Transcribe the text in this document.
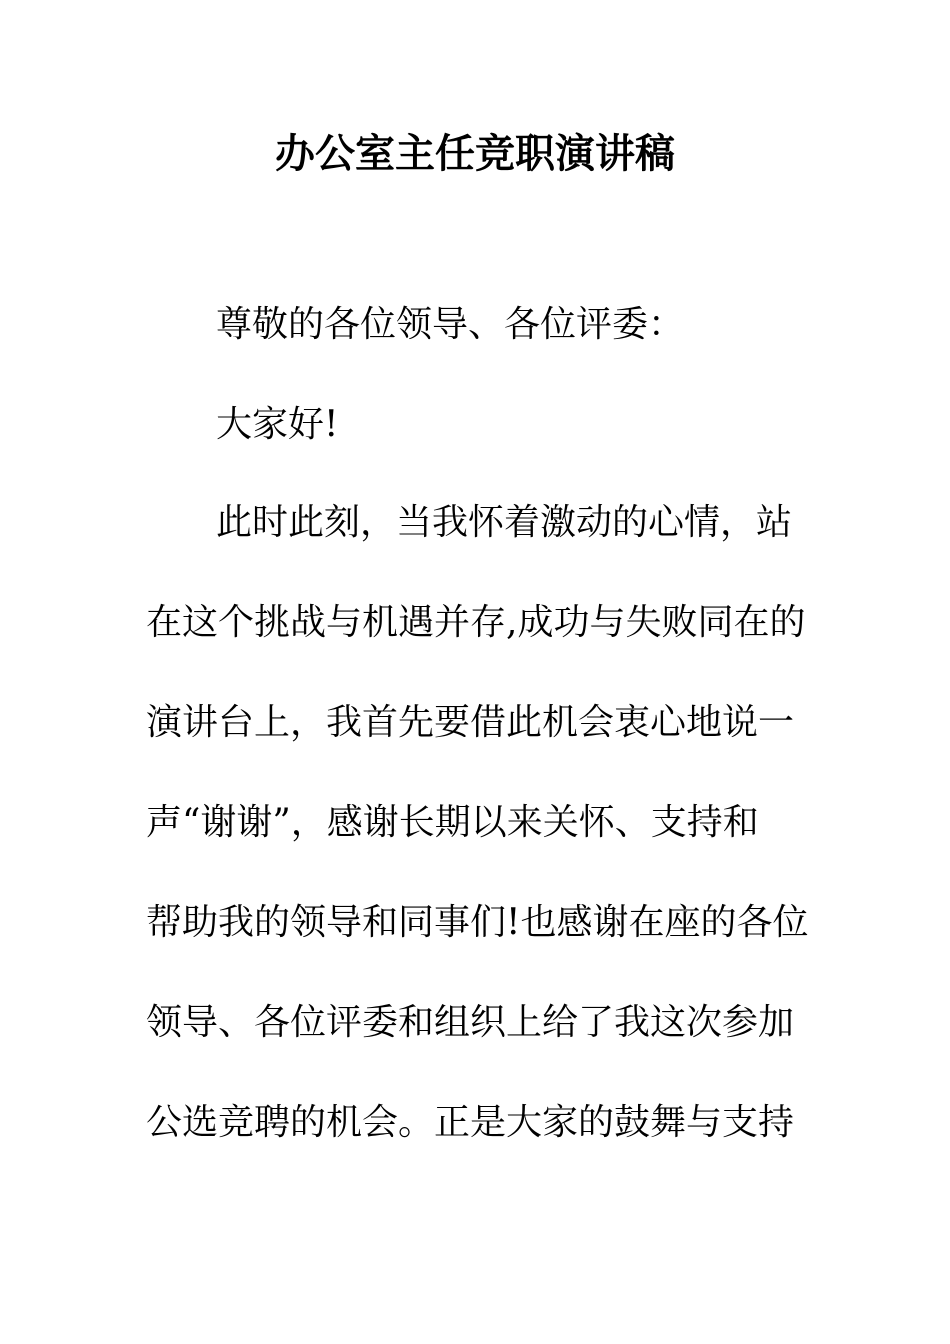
办公室主任竞职演讲稿
尊敬的各位领导、各位评委：
大家好!
此时此刻，当我怀着激动的心情，站
在这个挑战与机遇并存,成功与失败同在的
演讲台上，我首先要借此机会衷心地说一
声“谢谢”，感谢长期以来关怀、支持和
帮助我的领导和同事们!也感谢在座的各位
领导、各位评委和组织上给了我这次参加
公选竞聘的机会。正是大家的鼓舞与支持
